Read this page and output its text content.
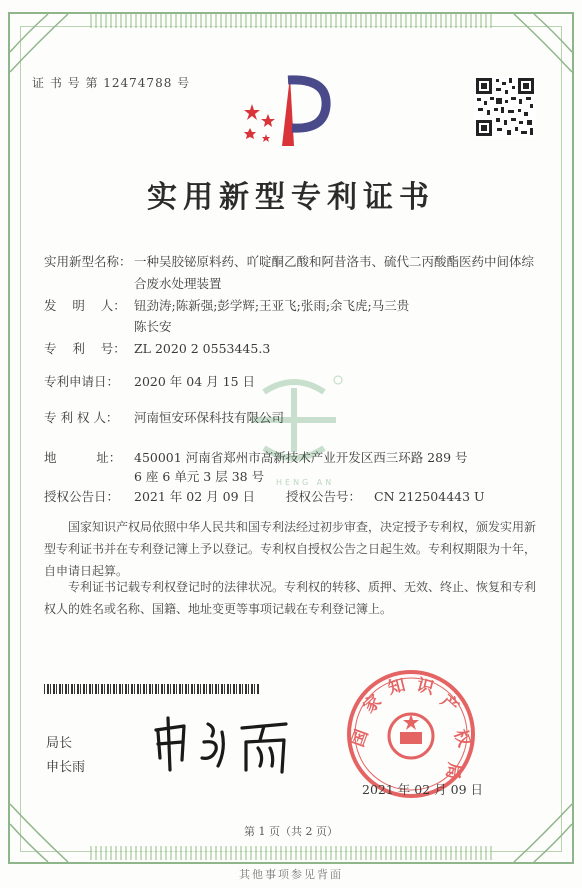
证 书 号 第 12474788 号
实用新型专利证书
HENG AN
实用新型名称： 一种吴胶铋原料药、吖啶酮乙酸和阿昔洛韦、硫代二丙酸酯医药中间体综
合废水处理装置
发    明    人： 钮劲涛;陈新强;彭学辉;王亚飞;张雨;余飞虎;马三贵
陈长安
专    利    号： ZL 2020 2 0553445.3
专利申请日： 2020 年 04 月 15 日
专 利 权 人： 河南恒安环保科技有限公司
地          址： 450001 河南省郑州市高新技术产业开发区西三环路 289 号
6 座 6 单元 3 层 38 号
授权公告日： 2021 年 02 月 09 日 授权公告号： CN 212504443 U
国家知识产权局依照中华人民共和国专利法经过初步审查，决定授予专利权，颁发实用新型专利证书并在专利登记簿上予以登记。专利权自授权公告之日起生效。专利权期限为十年，自申请日起算。
专利证书记载专利权登记时的法律状况。专利权的转移、质押、无效、终止、恢复和专利权人的姓名或名称、国籍、地址变更等事项记载在专利登记簿上。
局长
申长雨
国
家
知 识
产
权
局
2021 年 02 月 09 日
第 1 页（共 2 页）
其他事项参见背面
